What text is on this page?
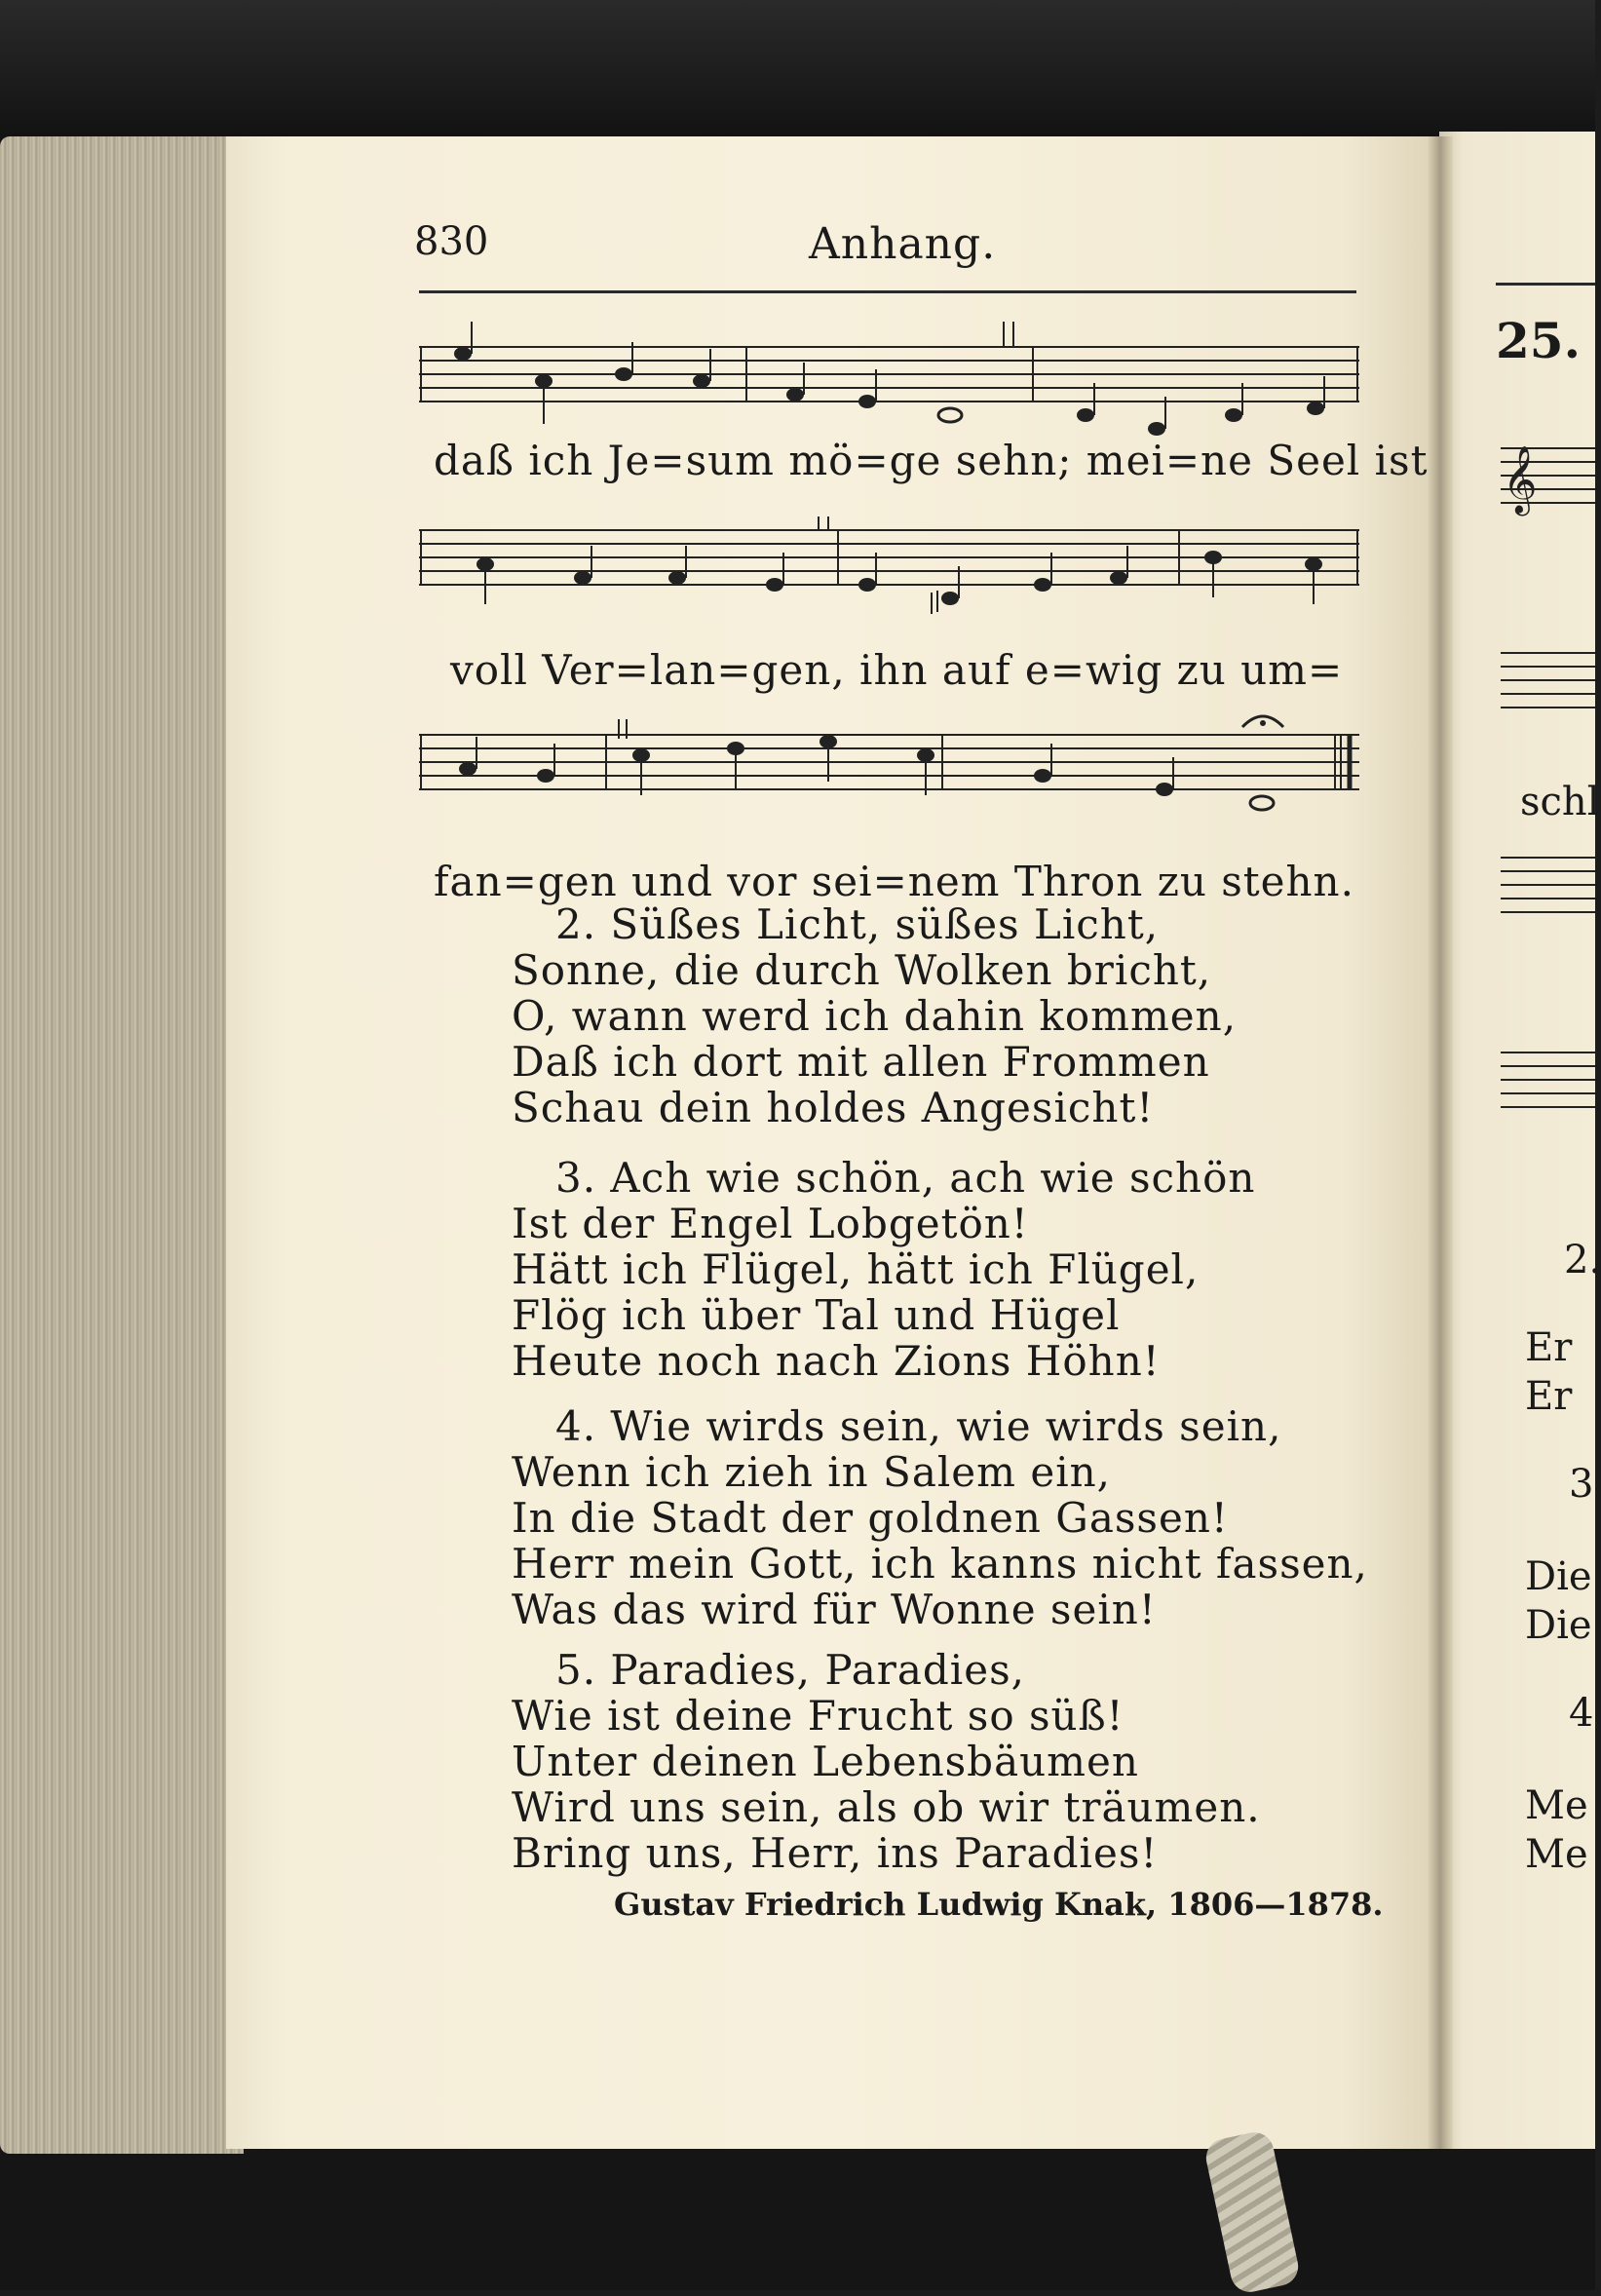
830	Anhang.
daß ich Je=sum mö=ge sehn; mei=ne Seel ist
voll Ver=lan=gen, ihn auf e=wig zu um=
fan=gen und vor sei=nem Thron zu stehn.
2. Süßes Licht, süßes Licht,
Sonne, die durch Wolken bricht,
O, wann werd ich dahin kommen,
Daß ich dort mit allen Frommen
Schau dein holdes Angesicht!
3. Ach wie schön, ach wie schön
Ist der Engel Lobgetön!
Hätt ich Flügel, hätt ich Flügel,
Flög ich über Tal und Hügel
Heute noch nach Zions Höhn!
4. Wie wirds sein, wie wirds sein,
Wenn ich zieh in Salem ein,
In die Stadt der goldnen Gassen!
Herr mein Gott, ich kanns nicht fassen,
Was das wird für Wonne sein!
5. Paradies, Paradies,
Wie ist deine Frucht so süß!
Unter deinen Lebensbäumen
Wird uns sein, als ob wir träumen.
Bring uns, Herr, ins Paradies!
Gustav Friedrich Ludwig Knak, 1806—1878.
25.
𝄞
schl
2.
Er
Er
3
Die
Die
4
Me
Me
